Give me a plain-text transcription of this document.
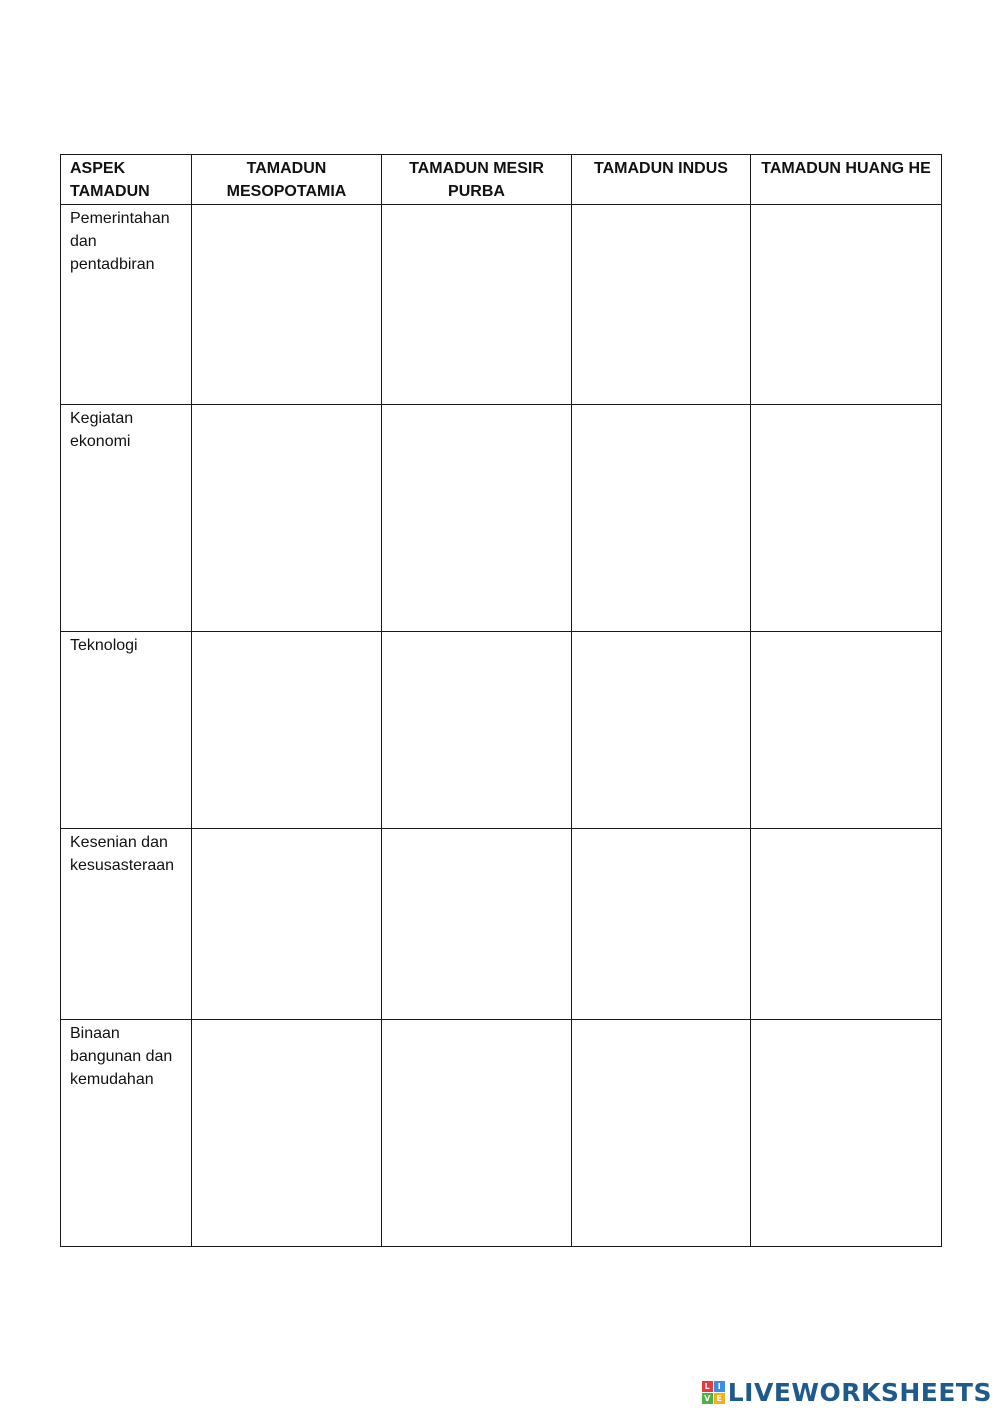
ASPEK TAMADUN	TAMADUN MESOPOTAMIA	TAMADUN MESIR PURBA	TAMADUN INDUS	TAMADUN HUANG HE
Pemerintahan dan pentadbiran				
Kegiatan ekonomi				
Teknologi				
Kesenian dan kesusasteraan				
Binaan bangunan dan kemudahan				
L I
V E LIVEWORKSHEETS
